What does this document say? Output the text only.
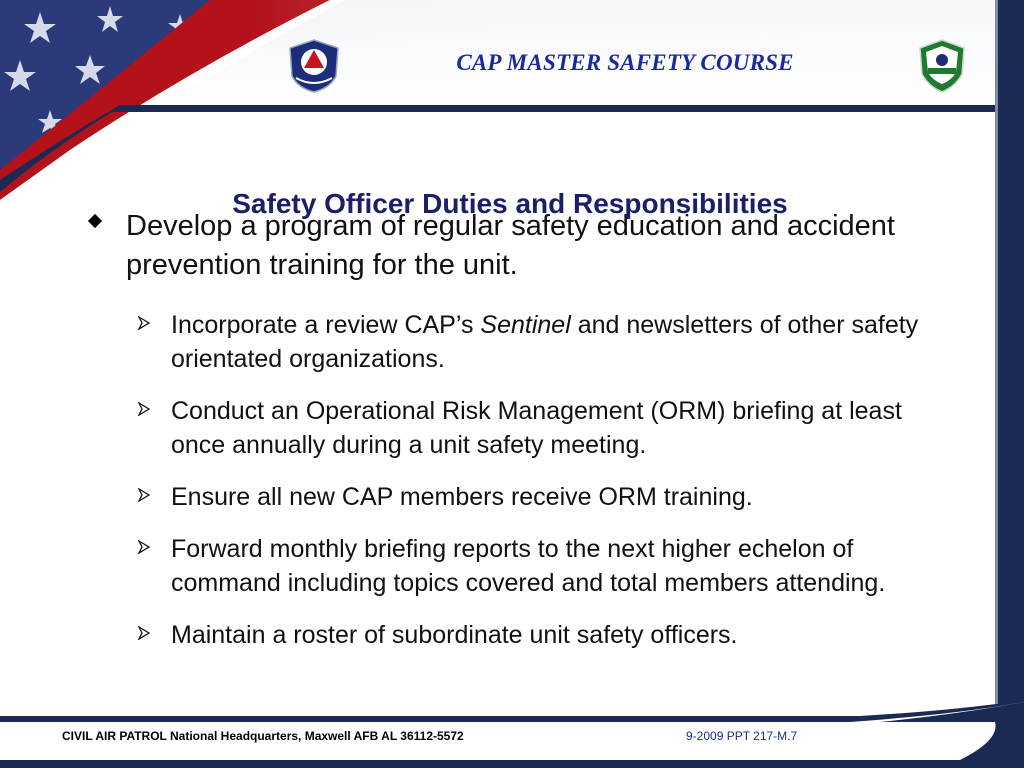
CAP MASTER SAFETY COURSE
Develop a program of regular safety education and accident prevention training for the unit.
Safety Officer Duties and Responsibilities
Incorporate a review CAP’s Sentinel and newsletters of other safety orientated organizations.
Conduct an Operational Risk Management (ORM) briefing at least once annually during a unit safety meeting.
Ensure all new CAP members receive ORM training.
Forward monthly briefing reports to the next higher echelon of command including topics covered and total members attending.
Maintain a roster of subordinate unit safety officers.
CIVIL AIR PATROL National Headquarters, Maxwell AFB AL 36112-5572	9-2009 PPT 217-M.7
